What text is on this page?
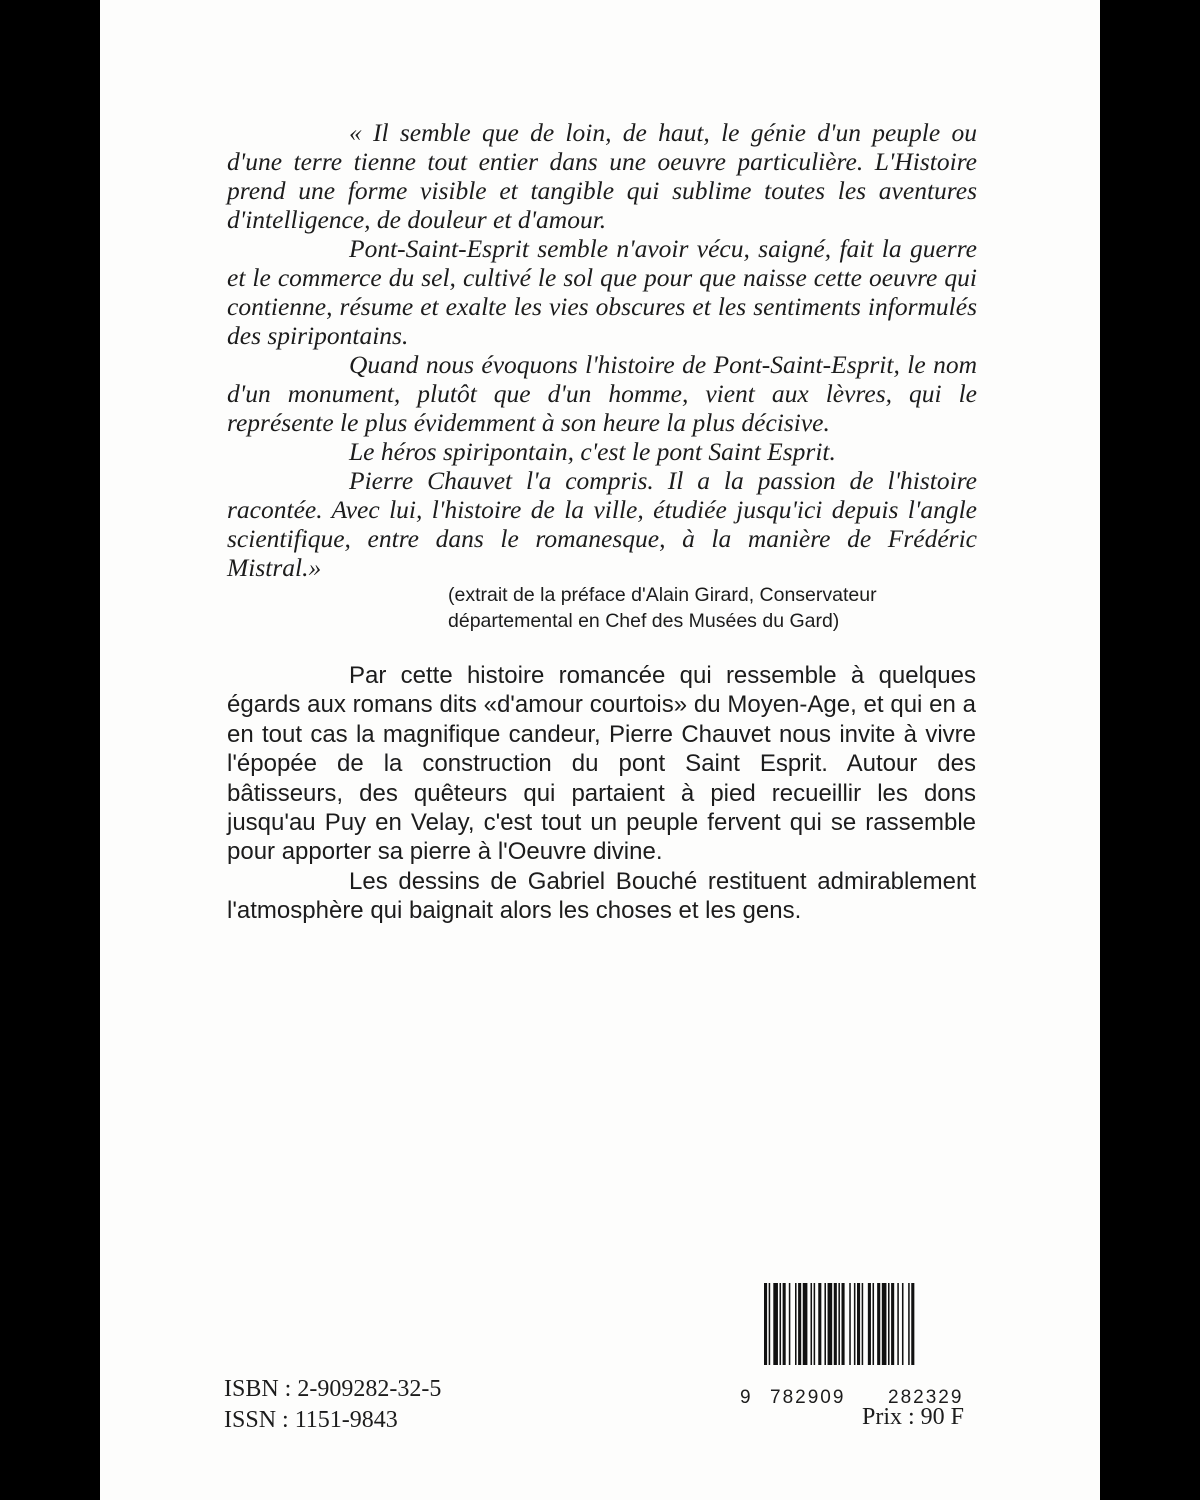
« Il semble que de loin, de haut, le génie d'un peuple ou d'une terre tienne tout entier dans une oeuvre particulière. L'Histoire prend une forme visible et tangible qui sublime toutes les aventures d'intelligence, de douleur et d'amour.

Pont-Saint-Esprit semble n'avoir vécu, saigné, fait la guerre et le commerce du sel, cultivé le sol que pour que naisse cette oeuvre qui contienne, résume et exalte les vies obscures et les sentiments informulés des spiripontains.

Quand nous évoquons l'histoire de Pont-Saint-Esprit, le nom d'un monument, plutôt que d'un homme, vient aux lèvres, qui le représente le plus évidemment à son heure la plus décisive.

Le héros spiripontain, c'est le pont Saint Esprit.

Pierre Chauvet l'a compris. Il a la passion de l'histoire racontée. Avec lui, l'histoire de la ville, étudiée jusqu'ici depuis l'angle scientifique, entre dans le romanesque, à la manière de Frédéric Mistral.»

(extrait de la préface d'Alain Girard, Conservateur
départemental en Chef des Musées du Gard)

Par cette histoire romancée qui ressemble à quelques égards aux romans dits «d'amour courtois» du Moyen-Age, et qui en a en tout cas la magnifique candeur, Pierre Chauvet nous invite à vivre l'épopée de la construction du pont Saint Esprit. Autour des bâtisseurs, des quêteurs qui partaient à pied recueillir les dons jusqu'au Puy en Velay, c'est tout un peuple fervent qui se rassemble pour apporter sa pierre à l'Oeuvre divine.

Les dessins de Gabriel Bouché restituent admirablement l'atmosphère qui baignait alors les choses et les gens.

9 782909 282329
ISBN : 2-909282-32-5
ISSN : 1151-9843	Prix : 90 F
